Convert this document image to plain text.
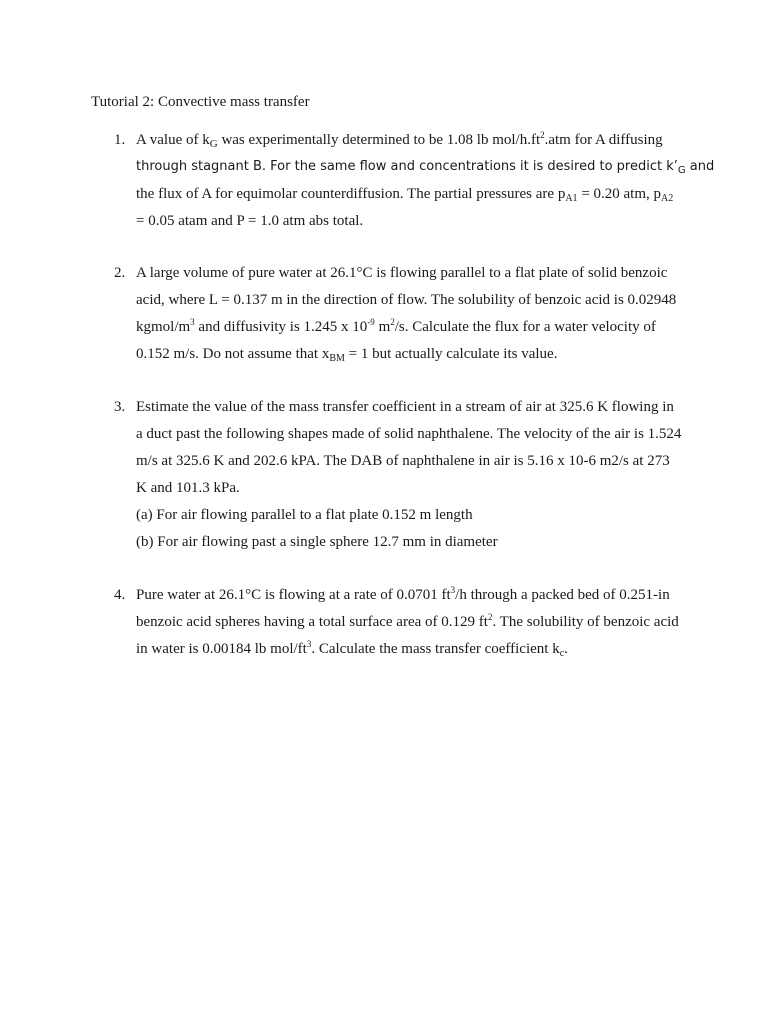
Tutorial 2: Convective mass transfer
1. A value of $k_G$ was experimentally determined to be 1.08 lb mol/$h.ft^2.atm$ for A diffusing
through stagnant B. For the same flow and concentrations it is desired to predict $k’_G$ and
the flux of A for equimolar counterdiffusion. The partial pressures are $p_{A1} = 0.20$ atm, $p_{A2}$
= 0.05 atam and P = 1.0 atm abs total.
2. A large volume of pure water at 26.1°C is flowing parallel to a flat plate of solid benzoic
acid, where L = 0.137 m in the direction of flow. The solubility of benzoic acid is 0.02948
kgmol/$m^3$ and diffusivity is 1.245 x $10^{-9}$ $m^2/s$. Calculate the flux for a water velocity of
0.152 m/s. Do not assume that $x_{BM} = 1$ but actually calculate its value.
3. Estimate the value of the mass transfer coefficient in a stream of air at 325.6 K flowing in
a duct past the following shapes made of solid naphthalene. The velocity of the air is 1.524
m/s at 325.6 K and 202.6 kPA. The DAB of naphthalene in air is 5.16 x 10-6 m2/s at 273
K and 101.3 kPa.
(a) For air flowing parallel to a flat plate 0.152 m length
(b) For air flowing past a single sphere 12.7 mm in diameter
4. Pure water at 26.1°C is flowing at a rate of 0.0701 $ft^3/h$ through a packed bed of 0.251-in
benzoic acid spheres having a total surface area of 0.129 $ft^2$. The solubility of benzoic acid
in water is 0.00184 lb mol/$ft^3$. Calculate the mass transfer coefficient $k_c$.
